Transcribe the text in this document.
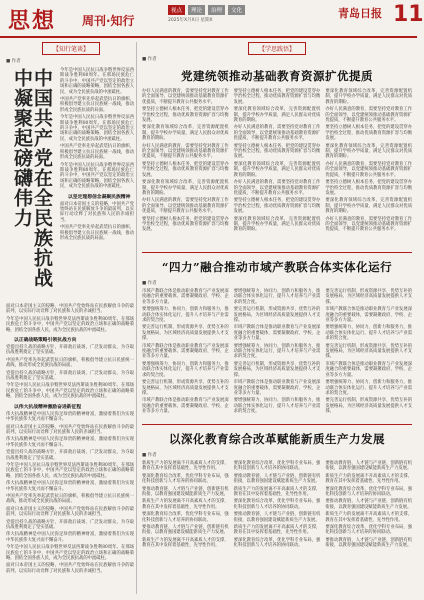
思想 周刊·知行
视点	理论	治理	文化
2025年X月X日 星期X
青岛日报 11
【知行笔谈】
■ 作者
中国共产党在全民族抗战中凝聚起磅礴伟力	今年是中国人民抗日战争暨世界反法西斯战争胜利80周年。在那场民族危亡的斗争中，中国共产党以坚定的政治立场和正确的战略策略，团结全国各族人民，成为全民族抗战的中流砥柱。

中国共产党率先举起武装抗日的旗帜，积极倡导建立抗日民族统一战线，推动形成全民族抗战的局面。

今年是中国人民抗日战争暨世界反法西斯战争胜利80周年。在那场民族危亡的斗争中，中国共产党以坚定的政治立场和正确的战略策略，团结全国各族人民，成为全民族抗战的中流砥柱。

中国共产党率先举起武装抗日的旗帜，积极倡导建立抗日民族统一战线，推动形成全民族抗战的局面。

今年是中国人民抗日战争暨世界反法西斯战争胜利80周年。在那场民族危亡的斗争中，中国共产党以坚定的政治立场和正确的战略策略，团结全国各族人民，成为全民族抗战的中流砥柱。

以坚定理想信念凝聚民族精神

面对日本帝国主义的侵略，中国共产党始终站在民族解放斗争的最前列，以实际行动诠释了对民族和人民的赤诚担当。

中国共产党率先举起武装抗日的旗帜，积极倡导建立抗日民族统一战线，推动形成全民族抗战的局面。

面对日本帝国主义的侵略，中国共产党始终站在民族解放斗争的最前列，以实际行动诠释了对民族和人民的赤诚担当。

今年是中国人民抗日战争暨世界反法西斯战争胜利80周年。在那场民族危亡的斗争中，中国共产党以坚定的政治立场和正确的战略策略，团结全国各族人民，成为全民族抗战的中流砥柱。

以正确战略策略引领抗战方向

党提出持久战的战略方针，开辟敌后战场，广泛发动群众，为夺取抗战胜利奠定了坚实基础。

中国共产党率先举起武装抗日的旗帜，积极倡导建立抗日民族统一战线，推动形成全民族抗战的局面。

党提出持久战的战略方针，开辟敌后战场，广泛发动群众，为夺取抗战胜利奠定了坚实基础。

今年是中国人民抗日战争暨世界反法西斯战争胜利80周年。在那场民族危亡的斗争中，中国共产党以坚定的政治立场和正确的战略策略，团结全国各族人民，成为全民族抗战的中流砥柱。

以伟大抗战精神激励奋进新征程

伟大抗战精神是中国人民弥足珍贵的精神财富，激励着我们为实现中华民族伟大复兴而不懈奋斗。

面对日本帝国主义的侵略，中国共产党始终站在民族解放斗争的最前列，以实际行动诠释了对民族和人民的赤诚担当。

伟大抗战精神是中国人民弥足珍贵的精神财富，激励着我们为实现中华民族伟大复兴而不懈奋斗。

党提出持久战的战略方针，开辟敌后战场，广泛发动群众，为夺取抗战胜利奠定了坚实基础。

今年是中国人民抗日战争暨世界反法西斯战争胜利80周年。在那场民族危亡的斗争中，中国共产党以坚定的政治立场和正确的战略策略，团结全国各族人民，成为全民族抗战的中流砥柱。

伟大抗战精神是中国人民弥足珍贵的精神财富，激励着我们为实现中华民族伟大复兴而不懈奋斗。

中国共产党率先举起武装抗日的旗帜，积极倡导建立抗日民族统一战线，推动形成全民族抗战的局面。

面对日本帝国主义的侵略，中国共产党始终站在民族解放斗争的最前列，以实际行动诠释了对民族和人民的赤诚担当。

党提出持久战的战略方针，开辟敌后战场，广泛发动群众，为夺取抗战胜利奠定了坚实基础。

伟大抗战精神是中国人民弥足珍贵的精神财富，激励着我们为实现中华民族伟大复兴而不懈奋斗。

今年是中国人民抗日战争暨世界反法西斯战争胜利80周年。在那场民族危亡的斗争中，中国共产党以坚定的政治立场和正确的战略策略，团结全国各族人民，成为全民族抗战的中流砥柱。

面对日本帝国主义的侵略，中国共产党始终站在民族解放斗争的最前列，以实际行动诠释了对民族和人民的赤诚担当。

【学思践悟】
■ 作者
党建统领推动基础教育资源扩优提质

办好人民满意的教育，需要坚持党对教育工作的全面领导，以党建统领推动基础教育资源扩优提质，不断提升教育公共服务水平。

要坚持立德树人根本任务，把党的建设贯穿办学治校全过程，推动优质教育资源扩容与均衡发展。

要深化教育领域综合改革，完善资源配置机制，提升学校办学质量，满足人民群众对优质教育的期盼。

办好人民满意的教育，需要坚持党对教育工作的全面领导，以党建统领推动基础教育资源扩优提质，不断提升教育公共服务水平。

要坚持立德树人根本任务，把党的建设贯穿办学治校全过程，推动优质教育资源扩容与均衡发展。

要深化教育领域综合改革，完善资源配置机制，提升学校办学质量，满足人民群众对优质教育的期盼。

办好人民满意的教育，需要坚持党对教育工作的全面领导，以党建统领推动基础教育资源扩优提质，不断提升教育公共服务水平。

要坚持立德树人根本任务，把党的建设贯穿办学治校全过程，推动优质教育资源扩容与均衡发展。

要坚持立德树人根本任务，把党的建设贯穿办学治校全过程，推动优质教育资源扩容与均衡发展。

要深化教育领域综合改革，完善资源配置机制，提升学校办学质量，满足人民群众对优质教育的期盼。

办好人民满意的教育，需要坚持党对教育工作的全面领导，以党建统领推动基础教育资源扩优提质，不断提升教育公共服务水平。

要坚持立德树人根本任务，把党的建设贯穿办学治校全过程，推动优质教育资源扩容与均衡发展。

要深化教育领域综合改革，完善资源配置机制，提升学校办学质量，满足人民群众对优质教育的期盼。

办好人民满意的教育，需要坚持党对教育工作的全面领导，以党建统领推动基础教育资源扩优提质，不断提升教育公共服务水平。

要坚持立德树人根本任务，把党的建设贯穿办学治校全过程，推动优质教育资源扩容与均衡发展。

要深化教育领域综合改革，完善资源配置机制，提升学校办学质量，满足人民群众对优质教育的期盼。

要深化教育领域综合改革，完善资源配置机制，提升学校办学质量，满足人民群众对优质教育的期盼。

办好人民满意的教育，需要坚持党对教育工作的全面领导，以党建统领推动基础教育资源扩优提质，不断提升教育公共服务水平。

要坚持立德树人根本任务，把党的建设贯穿办学治校全过程，推动优质教育资源扩容与均衡发展。

要深化教育领域综合改革，完善资源配置机制，提升学校办学质量，满足人民群众对优质教育的期盼。

办好人民满意的教育，需要坚持党对教育工作的全面领导，以党建统领推动基础教育资源扩优提质，不断提升教育公共服务水平。

要坚持立德树人根本任务，把党的建设贯穿办学治校全过程，推动优质教育资源扩容与均衡发展。

要深化教育领域综合改革，完善资源配置机制，提升学校办学质量，满足人民群众对优质教育的期盼。

办好人民满意的教育，需要坚持党对教育工作的全面领导，以党建统领推动基础教育资源扩优提质，不断提升教育公共服务水平。

“四力”融合推动市域产教联合体实体化运行
■ 作者

市域产教联合体是推动职业教育与产业发展深度融合的重要载体，需要凝聚政府、学校、企业等多方力量。

要增强统筹力、协同力、创新力和服务力，推动联合体实体化运行，提升人才培养与产业需求的契合度。

要完善运行机制，形成资源共享、优势互补的发展格局，为区域经济高质量发展提供人才支撑。

市域产教联合体是推动职业教育与产业发展深度融合的重要载体，需要凝聚政府、学校、企业等多方力量。

要增强统筹力、协同力、创新力和服务力，推动联合体实体化运行，提升人才培养与产业需求的契合度。

要完善运行机制，形成资源共享、优势互补的发展格局，为区域经济高质量发展提供人才支撑。

市域产教联合体是推动职业教育与产业发展深度融合的重要载体，需要凝聚政府、学校、企业等多方力量。

要增强统筹力、协同力、创新力和服务力，推动联合体实体化运行，提升人才培养与产业需求的契合度。

要完善运行机制，形成资源共享、优势互补的发展格局，为区域经济高质量发展提供人才支撑。

市域产教联合体是推动职业教育与产业发展深度融合的重要载体，需要凝聚政府、学校、企业等多方力量。

要增强统筹力、协同力、创新力和服务力，推动联合体实体化运行，提升人才培养与产业需求的契合度。

要完善运行机制，形成资源共享、优势互补的发展格局，为区域经济高质量发展提供人才支撑。

市域产教联合体是推动职业教育与产业发展深度融合的重要载体，需要凝聚政府、学校、企业等多方力量。

要增强统筹力、协同力、创新力和服务力，推动联合体实体化运行，提升人才培养与产业需求的契合度。

要完善运行机制，形成资源共享、优势互补的发展格局，为区域经济高质量发展提供人才支撑。

市域产教联合体是推动职业教育与产业发展深度融合的重要载体，需要凝聚政府、学校、企业等多方力量。

要增强统筹力、协同力、创新力和服务力，推动联合体实体化运行，提升人才培养与产业需求的契合度。

要完善运行机制，形成资源共享、优势互补的发展格局，为区域经济高质量发展提供人才支撑。

市域产教联合体是推动职业教育与产业发展深度融合的重要载体，需要凝聚政府、学校、企业等多方力量。

要增强统筹力、协同力、创新力和服务力，推动联合体实体化运行，提升人才培养与产业需求的契合度。

要完善运行机制，形成资源共享、优势互补的发展格局，为区域经济高质量发展提供人才支撑。

以深化教育综合改革赋能新质生产力发展
■ 作者

新质生产力的发展离不开高素质人才的支撑，教育在其中发挥着基础性、先导性作用。

要深化教育综合改革，优化学科专业布局，强化科技创新与人才培养的协同联动。

要推动教育链、人才链与产业链、创新链有机衔接，以教育强国建设赋能新质生产力发展。

新质生产力的发展离不开高素质人才的支撑，教育在其中发挥着基础性、先导性作用。

要深化教育综合改革，优化学科专业布局，强化科技创新与人才培养的协同联动。

要推动教育链、人才链与产业链、创新链有机衔接，以教育强国建设赋能新质生产力发展。

新质生产力的发展离不开高素质人才的支撑，教育在其中发挥着基础性、先导性作用。

要深化教育综合改革，优化学科专业布局，强化科技创新与人才培养的协同联动。

要推动教育链、人才链与产业链、创新链有机衔接，以教育强国建设赋能新质生产力发展。

新质生产力的发展离不开高素质人才的支撑，教育在其中发挥着基础性、先导性作用。

要深化教育综合改革，优化学科专业布局，强化科技创新与人才培养的协同联动。

要推动教育链、人才链与产业链、创新链有机衔接，以教育强国建设赋能新质生产力发展。

新质生产力的发展离不开高素质人才的支撑，教育在其中发挥着基础性、先导性作用。

要深化教育综合改革，优化学科专业布局，强化科技创新与人才培养的协同联动。

要推动教育链、人才链与产业链、创新链有机衔接，以教育强国建设赋能新质生产力发展。

新质生产力的发展离不开高素质人才的支撑，教育在其中发挥着基础性、先导性作用。

要深化教育综合改革，优化学科专业布局，强化科技创新与人才培养的协同联动。

要推动教育链、人才链与产业链、创新链有机衔接，以教育强国建设赋能新质生产力发展。

新质生产力的发展离不开高素质人才的支撑，教育在其中发挥着基础性、先导性作用。

要深化教育综合改革，优化学科专业布局，强化科技创新与人才培养的协同联动。

要推动教育链、人才链与产业链、创新链有机衔接，以教育强国建设赋能新质生产力发展。
